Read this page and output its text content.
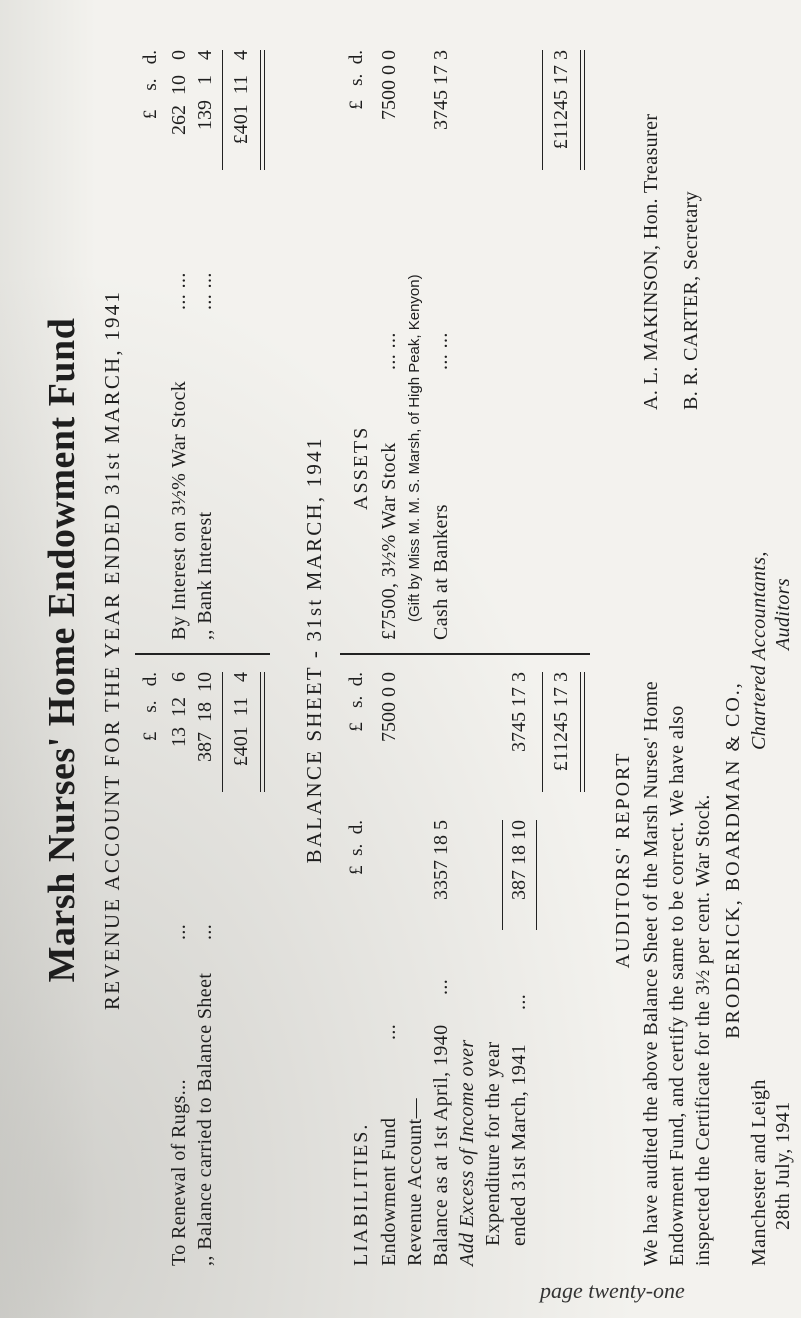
Marsh Nurses' Home Endowment Fund REVENUE ACCOUNT FOR THE YEAR ENDED 31st MARCH, 1941 £    s.   d.
To Renewal of Rugs...
...
13  12   6
,, Balance carried to Balance Sheet
...
387  18  10
£401  11   4
£    s.   d.
By Interest on 3½% War Stock
... ...
262  10   0
,, Bank Interest
... ...
139   1   4
£401  11   4
BALANCE SHEET - 31st MARCH, 1941
LIABILITIES.
£  s.  d.
£   s.  d.
Endowment Fund
...
7500 0 0
Revenue Account— Balance as at 1st April, 1940
...
3357 18 5
Add Excess of Income over Expenditure for the year ended 31st March, 1941
...
387 18 10
3745 17 3 £11245 17 3
ASSETS
£   s.  d.
£7500, 3½% War Stock
... ...
7500 0 0
(Gift by Miss M. M. S. Marsh, of High Peak, Kenyon) Cash at Bankers
... ...
3745 17 3	£11245 17 3
AUDITORS' REPORT We have audited the above Balance Sheet of the Marsh Nurses' Home Endowment Fund, and certify the same to be correct. We have also inspected the Certificate for the 3½ per cent. War Stock. BRODERICK, BOARDMAN & CO.,
Manchester and Leigh
Chartered Accountants,
28th July, 1941
Auditors
A. L. MAKINSON, Hon. Treasurer B. R. CARTER, Secretary
page twenty-one
